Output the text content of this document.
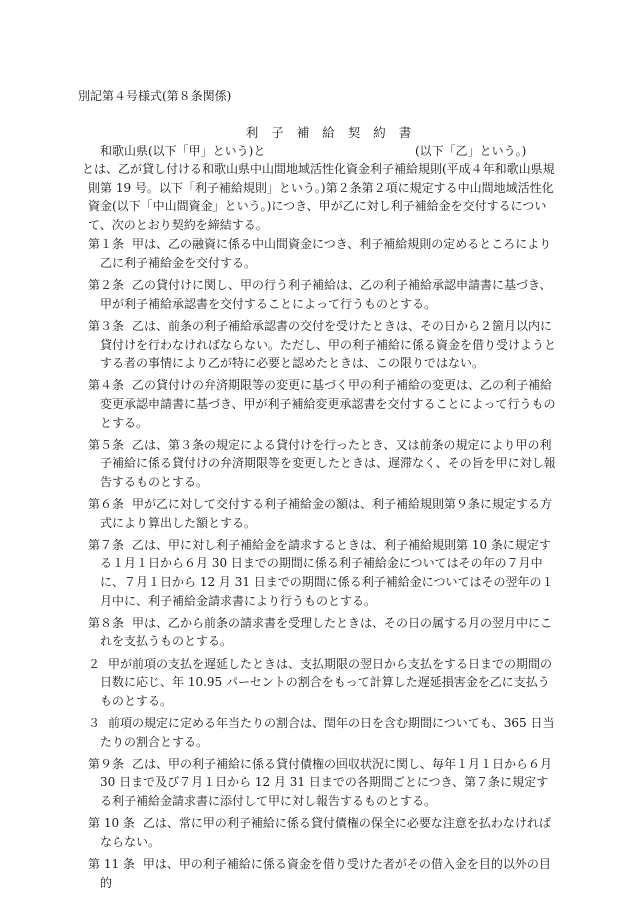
別記第４号様式(第８条関係)
利子補給契約書
和歌山県(以下「甲」という)と	(以下「乙」という。)

とは、乙が貸し付ける和歌山県中山間地域活性化資金利子補給規則(平成４年和歌山県規則第 19 号。以下「利子補給規則」という。)第２条第２項に規定する中山間地域活性化資金(以下「中山間資金」という。)につき、甲が乙に対し利子補給金を交付するについて、次のとおり契約を締結する。

第１条 甲は、乙の融資に係る中山間資金につき、利子補給規則の定めるところにより乙に利子補給金を交付する。

第２条 乙の貸付けに関し、甲の行う利子補給は、乙の利子補給承認申請書に基づき、甲が利子補給承認書を交付することによって行うものとする。

第３条 乙は、前条の利子補給承認書の交付を受けたときは、その日から２箇月以内に貸付けを行わなければならない。ただし、甲の利子補給に係る資金を借り受けようとする者の事情により乙が特に必要と認めたときは、この限りではない。

第４条 乙の貸付けの弁済期限等の変更に基づく甲の利子補給の変更は、乙の利子補給変更承認申請書に基づき、甲が利子補給変更承認書を交付することによって行うものとする。

第５条 乙は、第３条の規定による貸付けを行ったとき、又は前条の規定により甲の利子補給に係る貸付けの弁済期限等を変更したときは、遅滞なく、その旨を甲に対し報告するものとする。

第６条 甲が乙に対して交付する利子補給金の額は、利子補給規則第９条に規定する方式により算出した額とする。

第７条 乙は、甲に対し利子補給金を請求するときは、利子補給規則第 10 条に規定する１月１日から６月 30 日までの期間に係る利子補給金についてはその年の７月中に、７月１日から 12 月 31 日までの期間に係る利子補給金についてはその翌年の１月中に、利子補給金請求書により行うものとする。

第８条 甲は、乙から前条の請求書を受理したときは、その日の属する月の翌月中にこれを支払うものとする。

２ 甲が前項の支払を遅延したときは、支払期限の翌日から支払をする日までの期間の日数に応じ、年 10.95 パーセントの割合をもって計算した遅延損害金を乙に支払うものとする。

３ 前項の規定に定める年当たりの割合は、閏年の日を含む期間についても、365 日当たりの割合とする。

第９条 乙は、甲の利子補給に係る貸付債権の回収状況に関し、毎年１月１日から６月 30 日まで及び７月１日から 12 月 31 日までの各期間ごとにつき、第７条に規定する利子補給金請求書に添付して甲に対し報告するものとする。

第 10 条 乙は、常に甲の利子補給に係る貸付債権の保全に必要な注意を払わなければならない。

第 11 条 甲は、甲の利子補給に係る資金を借り受けた者がその借入金を目的以外の目的
